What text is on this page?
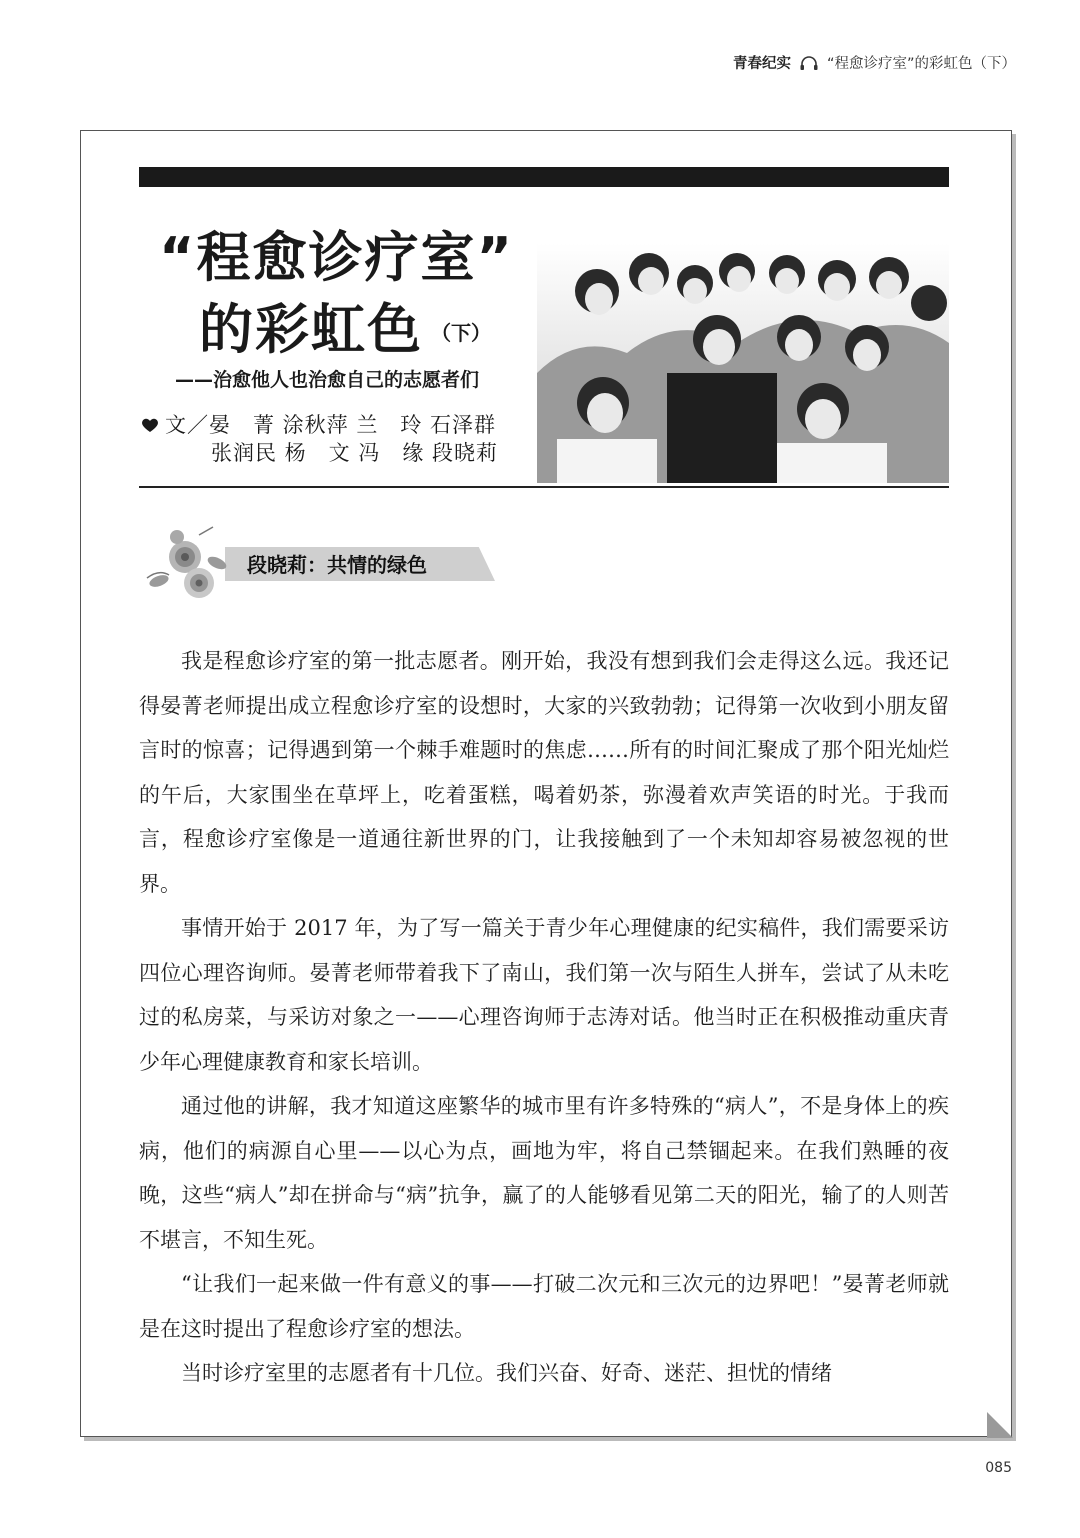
青春纪实 “程愈诊疗室”的彩虹色（下）
“程愈诊疗室”
的彩虹色 （下）
——治愈他人也治愈自己的志愿者们
文／晏　菁 涂秋萍 兰　玲 石泽群
张润民 杨　文 冯　缘 段晓莉
段晓莉：共情的绿色

我是程愈诊疗室的第一批志愿者。刚开始，我没有想到我们会走得这么远。我还记得晏菁老师提出成立程愈诊疗室的设想时，大家的兴致勃勃；记得第一次收到小朋友留言时的惊喜；记得遇到第一个棘手难题时的焦虑……所有的时间汇聚成了那个阳光灿烂的午后，大家围坐在草坪上，吃着蛋糕，喝着奶茶，弥漫着欢声笑语的时光。于我而言，程愈诊疗室像是一道通往新世界的门，让我接触到了一个未知却容易被忽视的世界。

事情开始于 2017 年，为了写一篇关于青少年心理健康的纪实稿件，我们需要采访四位心理咨询师。晏菁老师带着我下了南山，我们第一次与陌生人拼车，尝试了从未吃过的私房菜，与采访对象之一——心理咨询师于志涛对话。他当时正在积极推动重庆青少年心理健康教育和家长培训。

通过他的讲解，我才知道这座繁华的城市里有许多特殊的“病人”，不是身体上的疾病，他们的病源自心里——以心为点，画地为牢，将自己禁锢起来。在我们熟睡的夜晚，这些“病人”却在拼命与“病”抗争，赢了的人能够看见第二天的阳光，输了的人则苦不堪言，不知生死。

“让我们一起来做一件有意义的事——打破二次元和三次元的边界吧！”晏菁老师就是在这时提出了程愈诊疗室的想法。

当时诊疗室里的志愿者有十几位。我们兴奋、好奇、迷茫、担忧的情绪

085
